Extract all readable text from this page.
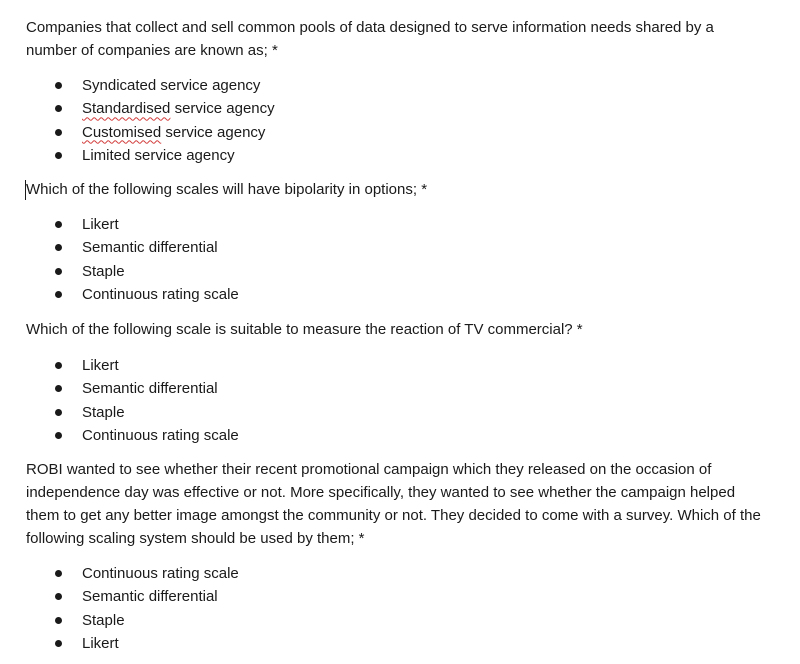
Companies that collect and sell common pools of data designed to serve information needs shared by a number of companies are known as; *

Syndicated service agency
Standardised service agency
Customised service agency
Limited service agency

Which of the following scales will have bipolarity in options; *

Likert
Semantic differential
Staple
Continuous rating scale

Which of the following scale is suitable to measure the reaction of TV commercial? *

Likert
Semantic differential
Staple
Continuous rating scale

ROBI wanted to see whether their recent promotional campaign which they released on the occasion of independence day was effective or not. More specifically, they wanted to see whether the campaign helped them to get any better image amongst the community or not. They decided to come with a survey. Which of the following scaling system should be used by them; *

Continuous rating scale
Semantic differential
Staple
Likert
